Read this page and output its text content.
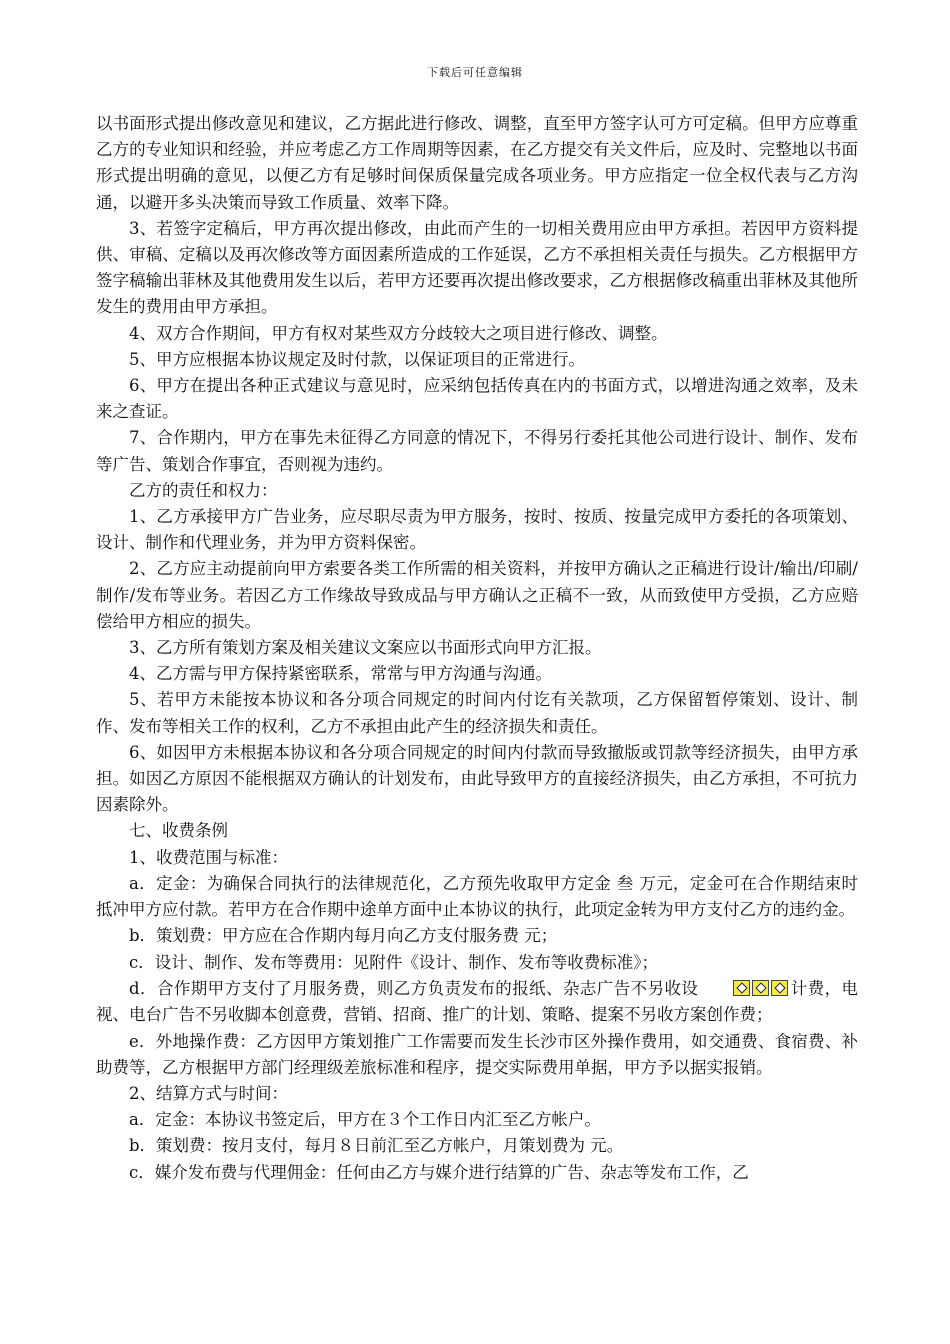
下载后可任意编辑

以书面形式提出修改意见和建议，乙方据此进行修改、调整，直至甲方签字认可方可定稿。但甲方应尊重乙方的专业知识和经验，并应考虑乙方工作周期等因素，在乙方提交有关文件后，应及时、完整地以书面形式提出明确的意见，以便乙方有足够时间保质保量完成各项业务。甲方应指定一位全权代表与乙方沟通，以避开多头决策而导致工作质量、效率下降。

3、若签字定稿后，甲方再次提出修改，由此而产生的一切相关费用应由甲方承担。若因甲方资料提供、审稿、定稿以及再次修改等方面因素所造成的工作延误，乙方不承担相关责任与损失。乙方根据甲方签字稿输出菲林及其他费用发生以后，若甲方还要再次提出修改要求，乙方根据修改稿重出菲林及其他所发生的费用由甲方承担。

4、双方合作期间，甲方有权对某些双方分歧较大之项目进行修改、调整。

5、甲方应根据本协议规定及时付款，以保证项目的正常进行。

6、甲方在提出各种正式建议与意见时，应采纳包括传真在内的书面方式，以增进沟通之效率，及未来之查证。

7、合作期内，甲方在事先未征得乙方同意的情况下，不得另行委托其他公司进行设计、制作、发布等广告、策划合作事宜，否则视为违约。

乙方的责任和权力：

1、乙方承接甲方广告业务，应尽职尽责为甲方服务，按时、按质、按量完成甲方委托的各项策划、设计、制作和代理业务，并为甲方资料保密。

2、乙方应主动提前向甲方索要各类工作所需的相关资料，并按甲方确认之正稿进行设计/输出/印刷/制作/发布等业务。若因乙方工作缘故导致成品与甲方确认之正稿不一致，从而致使甲方受损，乙方应赔偿给甲方相应的损失。

3、乙方所有策划方案及相关建议文案应以书面形式向甲方汇报。

4、乙方需与甲方保持紧密联系，常常与甲方沟通与沟通。

5、若甲方未能按本协议和各分项合同规定的时间内付讫有关款项，乙方保留暂停策划、设计、制作、发布等相关工作的权利，乙方不承担由此产生的经济损失和责任。

6、如因甲方未根据本协议和各分项合同规定的时间内付款而导致撤版或罚款等经济损失，由甲方承担。如因乙方原因不能根据双方确认的计划发布，由此导致甲方的直接经济损失，由乙方承担，不可抗力因素除外。

七、收费条例

1、收费范围与标准：

a．定金：为确保合同执行的法律规范化，乙方预先收取甲方定金 叁 万元，定金可在合作期结束时抵冲甲方应付款。若甲方在合作期中途单方面中止本协议的执行，此项定金转为甲方支付乙方的违约金。

b．策划费：甲方应在合作期内每月向乙方支付服务费 元；

c．设计、制作、发布等费用：见附件《设计、制作、发布等收费标准》；

d．合作期甲方支付了月服务费，则乙方负责发布的报纸、杂志广告不另收设	计费，电视、电台广告不另收脚本创意费，营销、招商、推广的计划、策略、提案不另收方案创作费；

e．外地操作费：乙方因甲方策划推广工作需要而发生长沙市区外操作费用，如交通费、食宿费、补助费等，乙方根据甲方部门经理级差旅标准和程序，提交实际费用单据，甲方予以据实报销。

2、结算方式与时间：

a．定金：本协议书签定后，甲方在３个工作日内汇至乙方帐户。

b．策划费：按月支付，每月８日前汇至乙方帐户，月策划费为 元。

c．媒介发布费与代理佣金：任何由乙方与媒介进行结算的广告、杂志等发布工作，乙
